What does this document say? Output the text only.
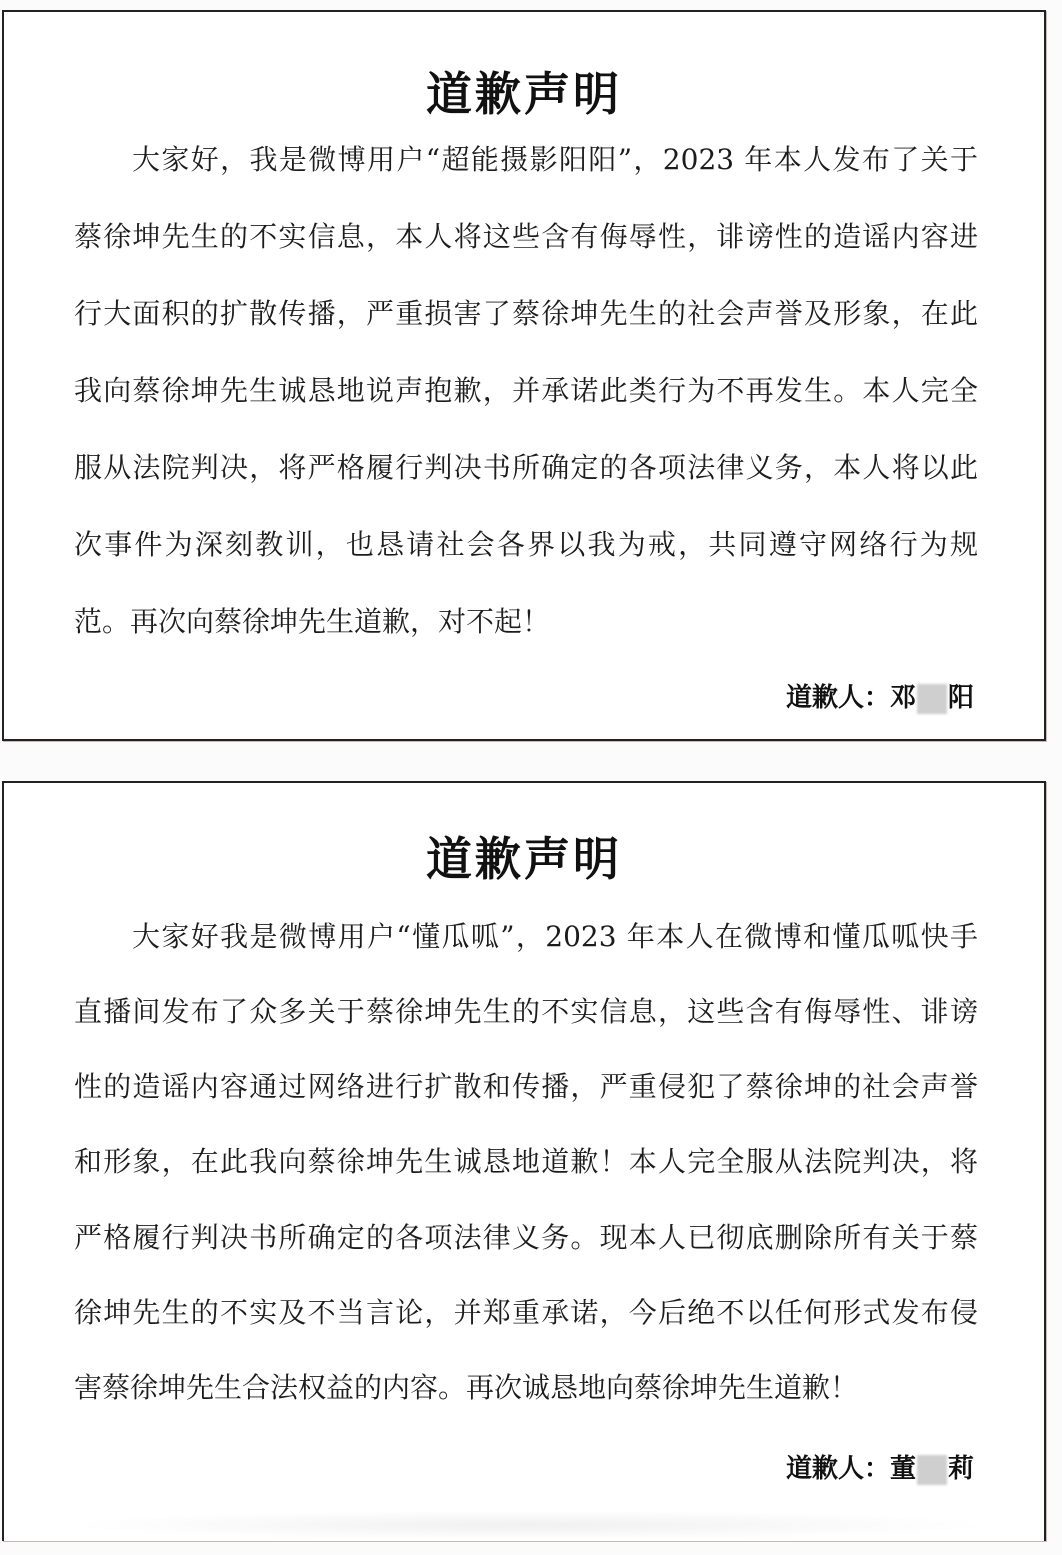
道歉声明
大家好，我是微博用户“超能摄影阳阳”，2023 年本人发布了关于
蔡徐坤先生的不实信息，本人将这些含有侮辱性，诽谤性的造谣内容进
行大面积的扩散传播，严重损害了蔡徐坤先生的社会声誉及形象，在此
我向蔡徐坤先生诚恳地说声抱歉，并承诺此类行为不再发生。本人完全
服从法院判决，将严格履行判决书所确定的各项法律义务，本人将以此
次事件为深刻教训，也恳请社会各界以我为戒，共同遵守网络行为规
范。再次向蔡徐坤先生道歉，对不起！
道歉人：邓 阳
道歉声明
大家好我是微博用户“懂瓜呱”，2023 年本人在微博和懂瓜呱快手
直播间发布了众多关于蔡徐坤先生的不实信息，这些含有侮辱性、诽谤
性的造谣内容通过网络进行扩散和传播，严重侵犯了蔡徐坤的社会声誉
和形象，在此我向蔡徐坤先生诚恳地道歉！本人完全服从法院判决，将
严格履行判决书所确定的各项法律义务。现本人已彻底删除所有关于蔡
徐坤先生的不实及不当言论，并郑重承诺，今后绝不以任何形式发布侵
害蔡徐坤先生合法权益的内容。再次诚恳地向蔡徐坤先生道歉！
道歉人：董 莉
